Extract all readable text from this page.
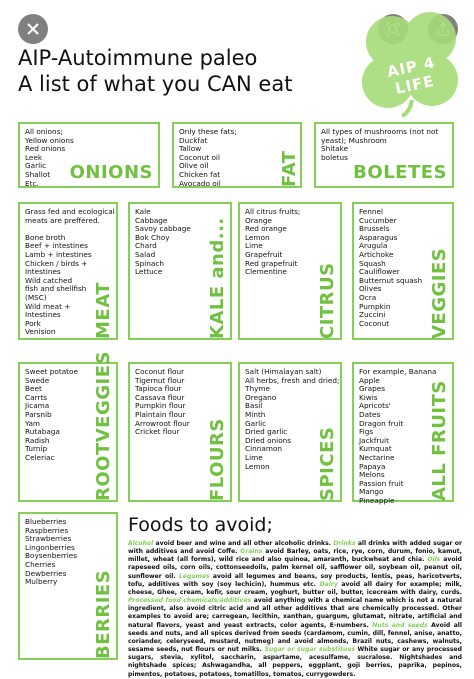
AIP 4 LIFE
AIP-Autoimmune paleo
A list of what you CAN eat
All onions;
Yellow onions
Red onions
Leek
Garlic
Shallot
Etc.
ONIONS
Only these fats;
Duckfat
Tallow
Coconut oil
Olive oil
Chicken fat
Avocado oil	FAT
All types of mushrooms (not not
yeast); Mushroom
Shitake
boletus
BOLETES
Grass fed and ecological
meats are preffered.

Bone broth
Beef + intestines
Lamb + intestines
Chicken / birds +
Intestines
Wild catched
fish and shellfish
(MSC)
Wild meat +
Intestines
Pork
Venision	MEAT
Kale
Cabbage
Savoy cabbage
Bok Choy
Chard
Salad
Spinach
Lettuce	KALE and...
All citrus fruits;
Orange
Red orange
Lemon
Lime
Grapefruit
Red grapefruit
Clementine	CITRUS
Fennel
Cucumber
Brussels
Asparagus
Arugula
Artichoke
Squash
Cauliflower
Butternut squash
Olives
Ocra
Pumpkin
Zuccini
Coconut	VEGGIES
Sweet potatoe
Swede
Beet
Carrts
Jicama
Parsnib
Yam
Rutabaga
Radish
Turnip
Celeriac	ROOTVEGGIES	Coconut flour
Tigernut flour
Tapioca flour
Cassava flour
Pumpkin flour
Plaintain flour
Arrowroot flour
Cricket flour	FLOURS
Salt (Himalayan salt)
All herbs, fresh and dried;
Thyme
Oregano
Basil
Minth
Garlic
Dried garlic
Dried onions
Cinnamon
Lime
Lemon	SPICES
For example, Banana
Apple
Grapes
Kiwis
Apricots'
Dates
Dragon fruit
Figs
Jackfruit
Kumquat
Nectarine
Papaya
Melons
Passion fruit
Mango
Pineapple	ALL FRUITS
Blueberries
Raspberries
Strawberries
Lingonberries
Boysenberries
Cherries
Dewberries
Mulberry	BERRIES
Foods to avoid;
Alcohol avoid beer and wine and all other alcoholic drinks. Drinks all drinks with added sugar or with additives and avoid Coffe. Grains avoid Barley, oats, rice, rye, corn, durum, fonio, kamut, millet, wheat (all forms), wild rice and also quinoa, amaranth, buckwheat and chia. Oils avoid rapeseed oils, corn oils, cottonseedoils, palm kernel oil, safflower oil, soybean oil, peanut oil, sunflower oil. Legumes avoid all legumes and beans, soy products, lentis, peas, haricotverts, tofu, additives with soy (soy lechicin), hummus etc. Dairy avoid all dairy for example; milk, cheese, Ghee, cream, kefir, sour cream, yoghurt, butter oil, butter, icecream with dairy, curds. Processed food chemicals/additives avoid anything with a chemical name which is not a natural ingredient, also avoid citric acid and all other additives that are chemically processed. Other examples to avoid are; carregean, lecithin, xanthan, guargum, glutamat, nitrate, artificial and natural flavors, yeast and yeast extracts, color agents, E-numbers. Nuts and seeds Avoid all seeds and nuts, and all spices derived from seeds (cardamom, cumin, dill, fennel, anise, anatto, coriander, celeryseed, mustard, nutmeg) and avoid almonds, Brazil nuts, cashews, walnuts, sesame seeds, nut flours or nut milks. Sugar or sugar substitues White sugar or any processed sugars, stevia, xylitol, saccharin, aspartame, acesulfame, sucralose. Nightshades and nightshade spices; Ashwagandha, all peppers, eggplant, goji berries, paprika, pepinos, pimentos, potatoes, potatoes, tomatillos, tomatos, currygowders.
